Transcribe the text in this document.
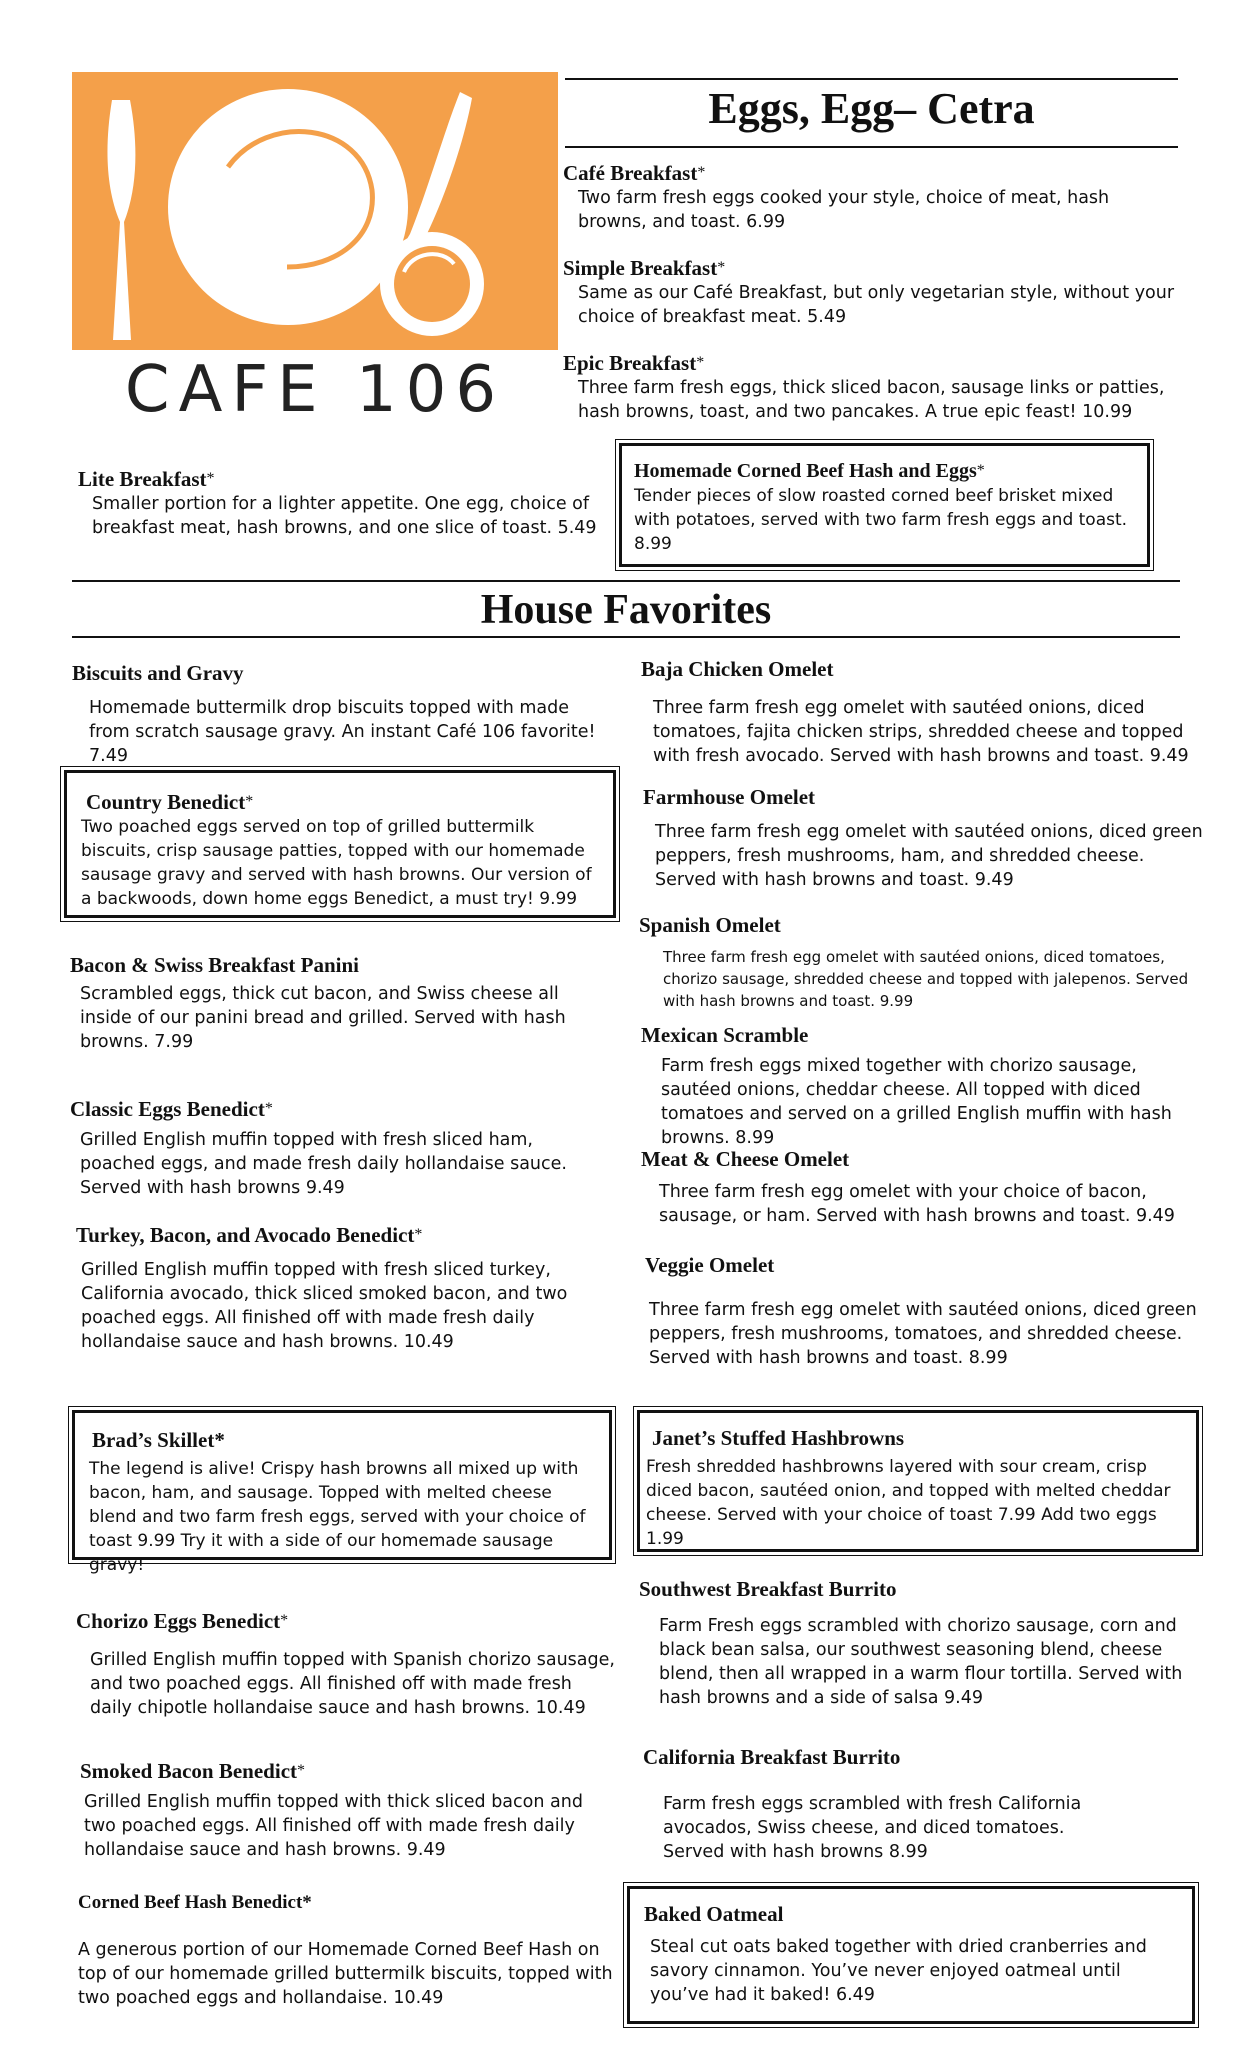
CAFE 106
Eggs, Egg– Cetra
Café Breakfast*
Two farm fresh eggs cooked your style, choice of meat, hash browns, and toast. 6.99
Simple Breakfast*
Same as our Café Breakfast, but only vegetarian style, without your choice of breakfast meat. 5.49
Epic Breakfast*
Three farm fresh eggs, thick sliced bacon, sausage links or patties, hash browns, toast, and two pancakes. A true epic feast! 10.99
Lite Breakfast*
Smaller portion for a lighter appetite. One egg, choice of breakfast meat, hash browns, and one slice of toast. 5.49
Homemade Corned Beef Hash and Eggs*
Tender pieces of slow roasted corned beef brisket mixed with potatoes, served with two farm fresh eggs and toast. 8.99
House Favorites
Biscuits and Gravy
Homemade buttermilk drop biscuits topped with made from scratch sausage gravy. An instant Café 106 favorite! 7.49
Country Benedict*
Two poached eggs served on top of grilled buttermilk biscuits, crisp sausage patties, topped with our homemade sausage gravy and served with hash browns. Our version of a backwoods, down home eggs Benedict, a must try! 9.99
Bacon & Swiss Breakfast Panini
Scrambled eggs, thick cut bacon, and Swiss cheese all inside of our panini bread and grilled. Served with hash browns. 7.99
Classic Eggs Benedict*
Grilled English muffin topped with fresh sliced ham, poached eggs, and made fresh daily hollandaise sauce. Served with hash browns 9.49
Turkey, Bacon, and Avocado Benedict*
Grilled English muffin topped with fresh sliced turkey, California avocado, thick sliced smoked bacon, and two poached eggs. All finished off with made fresh daily hollandaise sauce and hash browns. 10.49
Brad’s Skillet*
The legend is alive! Crispy hash browns all mixed up with bacon, ham, and sausage. Topped with melted cheese blend and two farm fresh eggs, served with your choice of toast 9.99 Try it with a side of our homemade sausage gravy!
Chorizo Eggs Benedict*
Grilled English muffin topped with Spanish chorizo sausage, and two poached eggs. All finished off with made fresh daily chipotle hollandaise sauce and hash browns. 10.49
Smoked Bacon Benedict*
Grilled English muffin topped with thick sliced bacon and two poached eggs. All finished off with made fresh daily hollandaise sauce and hash browns. 9.49
Corned Beef Hash Benedict*
A generous portion of our Homemade Corned Beef Hash on top of our homemade grilled buttermilk biscuits, topped with two poached eggs and hollandaise. 10.49
Baja Chicken Omelet
Three farm fresh egg omelet with sautéed onions, diced tomatoes, fajita chicken strips, shredded cheese and topped with fresh avocado. Served with hash browns and toast. 9.49
Farmhouse Omelet
Three farm fresh egg omelet with sautéed onions, diced green peppers, fresh mushrooms, ham, and shredded cheese. Served with hash browns and toast. 9.49
Spanish Omelet
Three farm fresh egg omelet with sautéed onions, diced tomatoes, chorizo sausage, shredded cheese and topped with jalepenos. Served with hash browns and toast. 9.99
Mexican Scramble
Farm fresh eggs mixed together with chorizo sausage, sautéed onions, cheddar cheese. All topped with diced tomatoes and served on a grilled English muffin with hash browns. 8.99
Meat & Cheese Omelet
Three farm fresh egg omelet with your choice of bacon, sausage, or ham. Served with hash browns and toast. 9.49
Veggie Omelet
Three farm fresh egg omelet with sautéed onions, diced green peppers, fresh mushrooms, tomatoes, and shredded cheese. Served with hash browns and toast. 8.99
Janet’s Stuffed Hashbrowns
Fresh shredded hashbrowns layered with sour cream, crisp diced bacon, sautéed onion, and topped with melted cheddar cheese. Served with your choice of toast 7.99 Add two eggs 1.99
Southwest Breakfast Burrito
Farm Fresh eggs scrambled with chorizo sausage, corn and black bean salsa, our southwest seasoning blend, cheese blend, then all wrapped in a warm flour tortilla. Served with hash browns and a side of salsa 9.49
California Breakfast Burrito
Farm fresh eggs scrambled with fresh California avocados, Swiss cheese, and diced tomatoes. Served with hash browns 8.99
Baked Oatmeal
Steal cut oats baked together with dried cranberries and savory cinnamon. You’ve never enjoyed oatmeal until you’ve had it baked! 6.49
